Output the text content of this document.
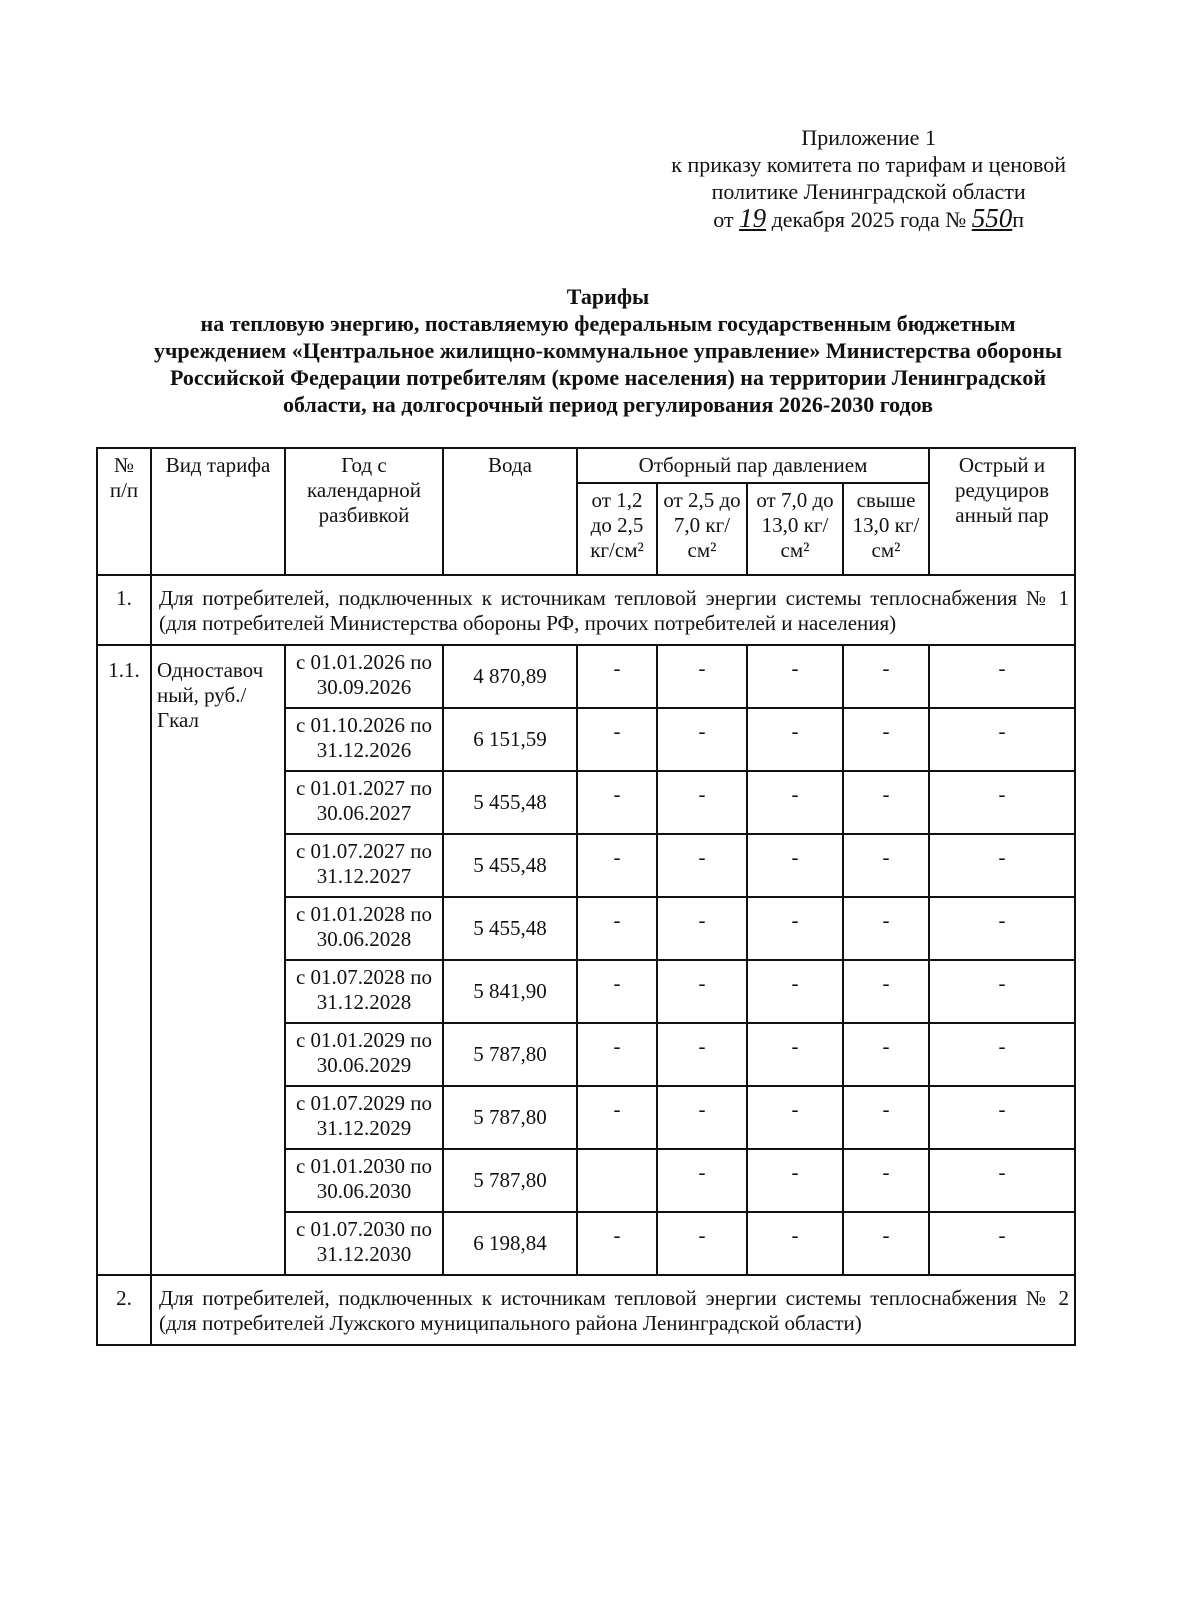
Приложение 1
к приказу комитета по тарифам и ценовой
политике Ленинградской области
от 19 декабря 2025 года № 550п
Тарифы
на тепловую энергию, поставляемую федеральным государственным бюджетным
учреждением «Центральное жилищно-коммунальное управление» Министерства обороны
Российской Федерации потребителям (кроме населения) на территории Ленинградской
области, на долгосрочный период регулирования 2026-2030 годов
№ п/п	Вид тарифа	Год с календарной разбивкой	Вода	Отборный пар давлением				Острый и редуциров анный пар
				от 1,2 до 2,5 кг/см²	от 2,5 до 7,0 кг/см²	от 7,0 до 13,0 кг/см²	свыше 13,0 кг/см²	
1.	Для потребителей, подключенных к источникам тепловой энергии системы теплоснабжения № 1 (для потребителей Министерства обороны РФ, прочих потребителей и населения)							
1.1.	Одноставоч ный, руб./Гкал	с 01.01.2026 по 30.09.2026	4 870,89	-	-	-	-	-
		с 01.10.2026 по 31.12.2026	6 151,59	-	-	-	-	-
		с 01.01.2027 по 30.06.2027	5 455,48	-	-	-	-	-
		с 01.07.2027 по 31.12.2027	5 455,48	-	-	-	-	-
		с 01.01.2028 по 30.06.2028	5 455,48	-	-	-	-	-
		с 01.07.2028 по 31.12.2028	5 841,90	-	-	-	-	-
		с 01.01.2029 по 30.06.2029	5 787,80	-	-	-	-	-
		с 01.07.2029 по 31.12.2029	5 787,80	-	-	-	-	-
		с 01.01.2030 по 30.06.2030	5 787,80		-	-	-	-
		с 01.07.2030 по 31.12.2030	6 198,84	-	-	-	-	-
2.	Для потребителей, подключенных к источникам тепловой энергии системы теплоснабжения № 2 (для потребителей Лужского муниципального района Ленинградской области)							
